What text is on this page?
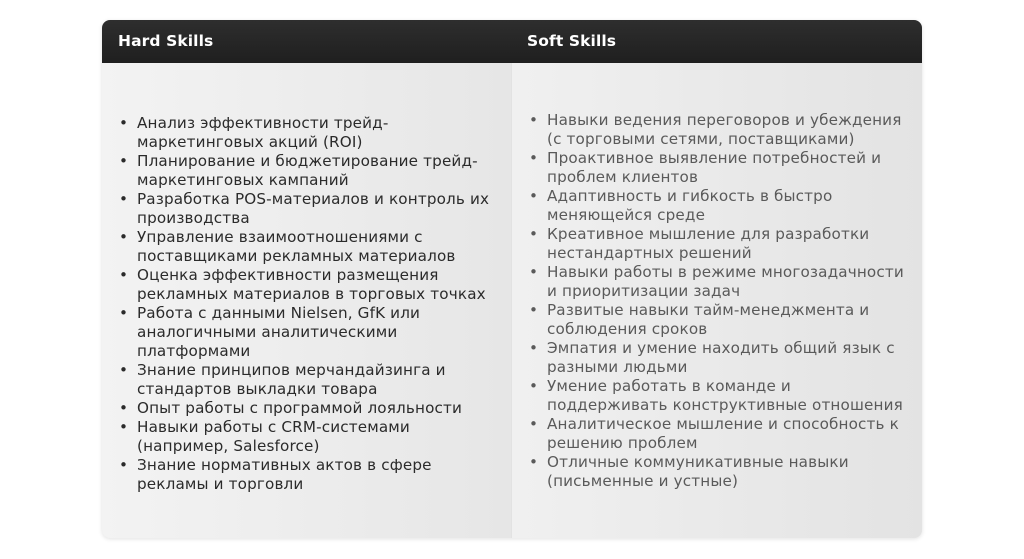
Hard Skills	Soft Skills
• Анализ эффективности трейд-маркетинговых акций (ROI)
• Планирование и бюджетирование трейд-маркетинговых кампаний
• Разработка POS-материалов и контроль их производства
• Управление взаимоотношениями с поставщиками рекламных материалов
• Оценка эффективности размещения рекламных материалов в торговых точках
• Работа с данными Nielsen, GfK или аналогичными аналитическими платформами
• Знание принципов мерчандайзинга и стандартов выкладки товара
• Опыт работы с программой лояльности
• Навыки работы с CRM-системами (например, Salesforce)
• Знание нормативных актов в сфере рекламы и торговли
• Навыки ведения переговоров и убеждения (с торговыми сетями, поставщиками)
• Проактивное выявление потребностей и проблем клиентов
• Адаптивность и гибкость в быстро меняющейся среде
• Креативное мышление для разработки нестандартных решений
• Навыки работы в режиме многозадачности и приоритизации задач
• Развитые навыки тайм-менеджмента и соблюдения сроков
• Эмпатия и умение находить общий язык с разными людьми
• Умение работать в команде и поддерживать конструктивные отношения
• Аналитическое мышление и способность к решению проблем
• Отличные коммуникативные навыки (письменные и устные)
